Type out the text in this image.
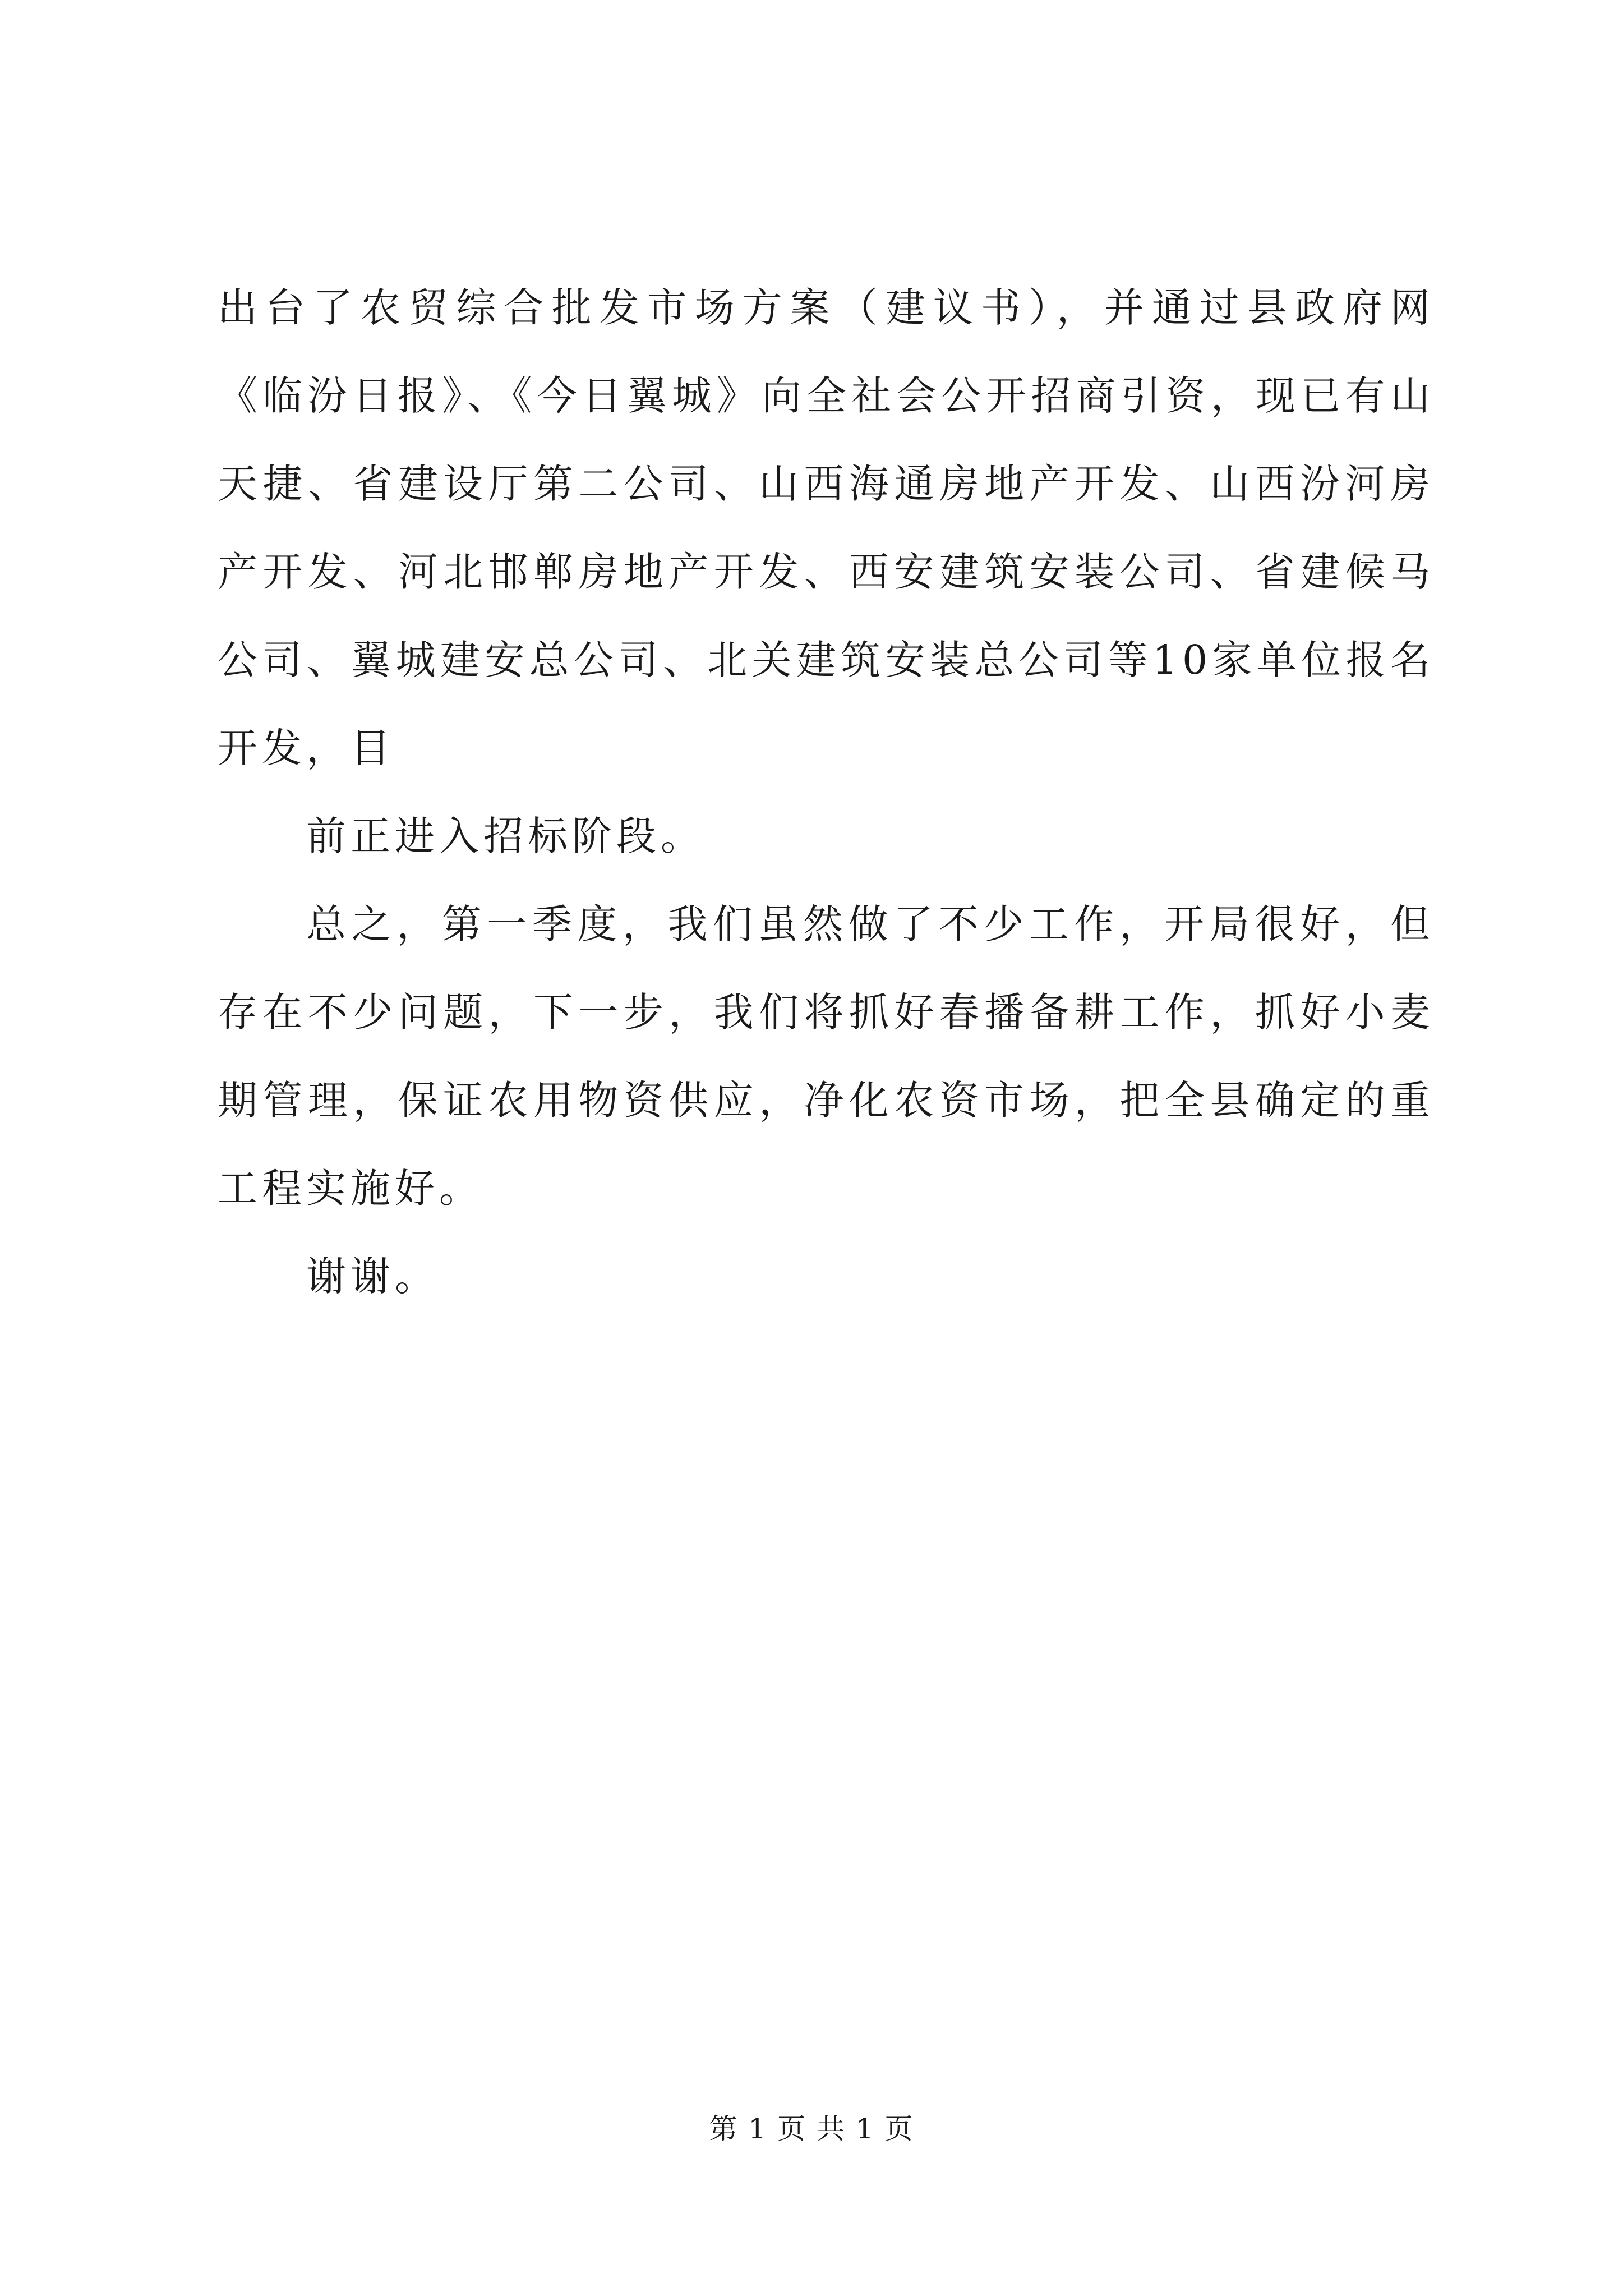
出台了农贸综合批发市场方案（建议书），并通过县政府网
《临汾日报》、《今日翼城》向全社会公开招商引资，现已有山
天捷、省建设厅第二公司、山西海通房地产开发、山西汾河房
产开发、河北邯郸房地产开发、西安建筑安装公司、省建候马
公司、翼城建安总公司、北关建筑安装总公司等10家单位报名
开发，目
前正进入招标阶段。
总之，第一季度，我们虽然做了不少工作，开局很好，但
存在不少问题，下一步，我们将抓好春播备耕工作，抓好小麦
期管理，保证农用物资供应，净化农资市场，把全县确定的重
工程实施好。
谢谢。
第 1 页 共 1 页
